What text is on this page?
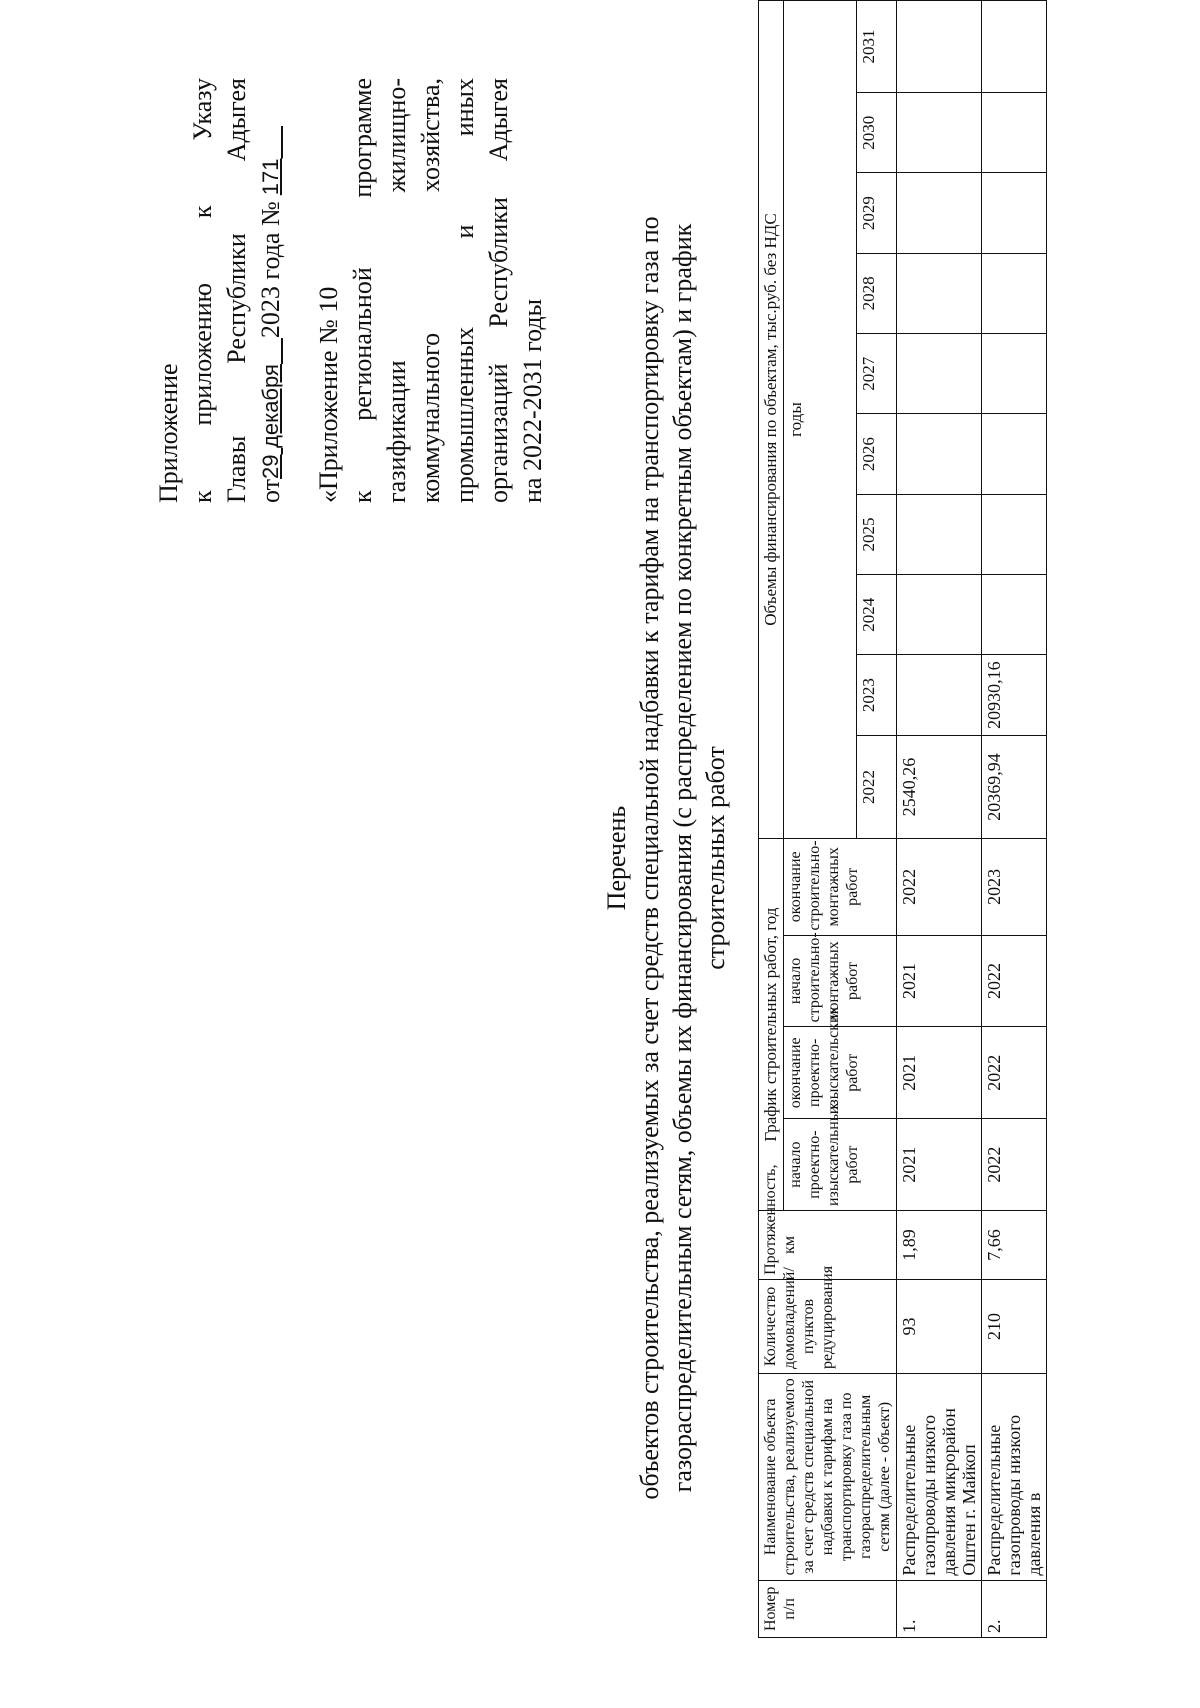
Приложение к
приложению
к
Указу
Главы
Республики
Адыгея
от
29

декабря

2023 года №
171

«Приложение № 10 к
региональной
программе
газификации
жилищно-
коммунального
хозяйства,
промышленных
и
иных
организаций
Республики
Адыгея
на 2022-2031 годы
Перечень объектов строительства, реализуемых за счет средств специальной надбавки к тарифам на транспортировку газа по газораспределительным сетям, объемы их финансирования (с распределением по конкретным объектам) и график строительных работ
Номер п/п	Наименование объекта строительства, реализуемого за счет средств специальной надбавки к тарифам на транспортировку газа по газораспределительным сетям (далее - объект)	Количество домовладений/пунктов редуцирования	Протяженность, км	График строительных работ, год				Объемы финансирования по объектам, тыс.руб. без НДС									
				начало проектно-изыскательных работ	окончание проектно-изыскательских работ	начало строительно-монтажных работ	окончание строительно-монтажных работ	годы									
								2022	2023	2024	2025	2026	2027	2028	2029	2030	2031
1.	Распределительные газопроводы низкого давления микрорайон Оштен г. Майкоп	93	1,89	2021	2021	2021	2022	2540,26									
2.	Распределительные газопроводы низкого давления в	210	7,66	2022	2022	2022	2023	20369,94	20930,16								
